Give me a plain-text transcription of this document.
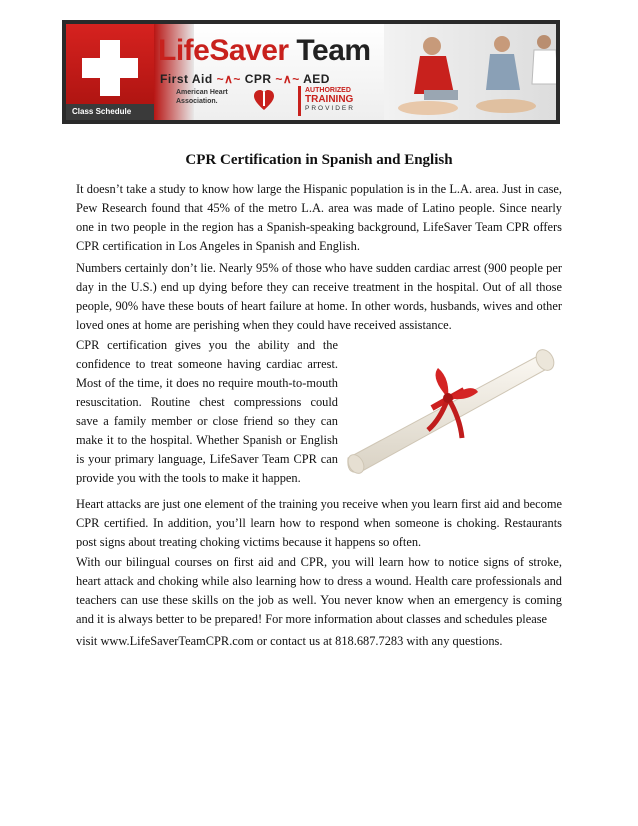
Class Schedule
LifeSaver Team
First Aid ~∧~ CPR ~∧~ AED
American Heart
Association.
AUTHORIZED
TRAINING
PROVIDER
CPR Certification in Spanish and English

It doesn’t take a study to know how large the Hispanic population is in the L.A. area. Just in case, Pew Research found that 45% of the metro L.A. area was made of Latino people. Since nearly one in two people in the region has a Spanish-speaking background, LifeSaver Team CPR offers CPR certification in Los Angeles in Spanish and English.

Numbers certainly don’t lie. Nearly 95% of those who have sudden cardiac arrest (900 people per day in the U.S.) end up dying before they can receive treatment in the hospital. Out of all those people, 90% have these bouts of heart failure at home. In other words, husbands, wives and other loved ones at home are perishing when they could have received assistance.

CPR certification gives you the ability and the confidence to treat someone having cardiac arrest. Most of the time, it does no require mouth-to-mouth resuscitation. Routine chest compressions could save a family member or close friend so they can make it to the hospital. Whether Spanish or English is your primary language, LifeSaver Team CPR can provide you with the tools to make it happen.

Heart attacks are just one element of the training you receive when you learn first aid and become CPR certified. In addition, you’ll learn how to respond when someone is choking. Restaurants post signs about treating choking victims because it happens so often.

With our bilingual courses on first aid and CPR, you will learn how to notice signs of stroke, heart attack and choking while also learning how to dress a wound. Health care professionals and teachers can use these skills on the job as well. You never know when an emergency is coming and it is always better to be prepared! For more information about classes and schedules please

visit www.LifeSaverTeamCPR.com or contact us at 818.687.7283 with any questions.
